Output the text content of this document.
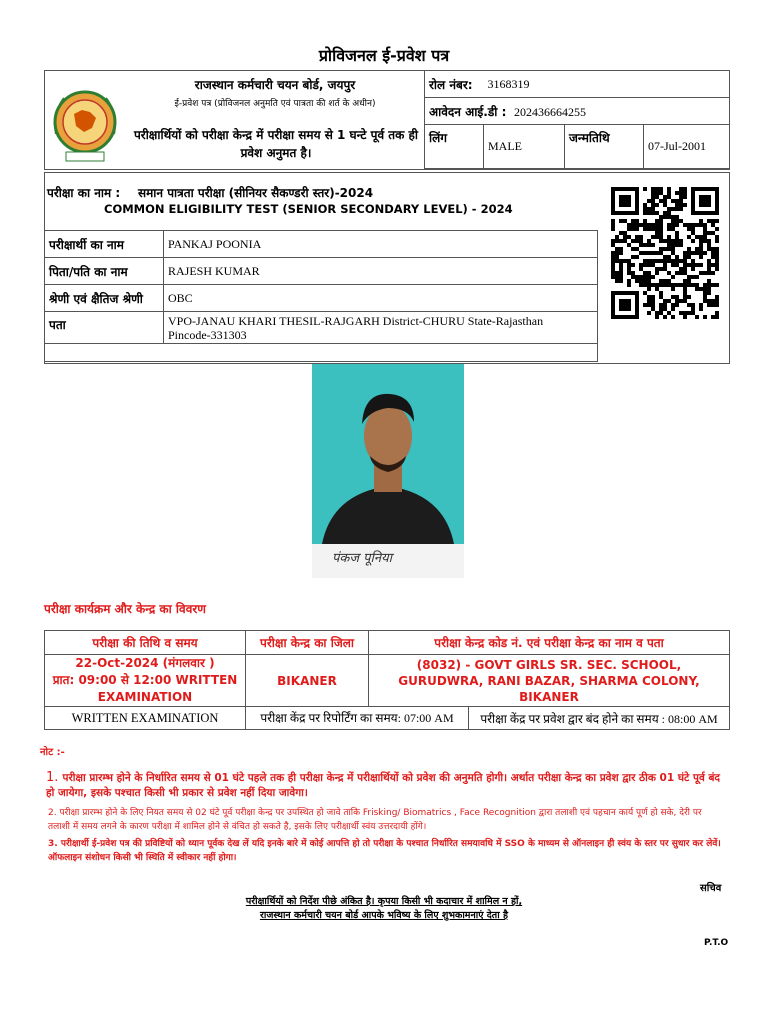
प्रोविजनल ई-प्रवेश पत्र
राजस्थान कर्मचारी चयन बोर्ड, जयपुर
ई-प्रवेश पत्र (प्रोविजनल अनुमति एवं पात्रता की शर्त के अधीन)
परीक्षार्थियों को परीक्षा केन्द्र में परीक्षा समय से 1 घन्टे पूर्व तक ही प्रवेश अनुमत है।
रोल नंबर:	3168319		
आवेदन आई.डी : 202436664255			
लिंग	MALE	जन्मतिथि	07-Jul-2001
परीक्षा का नाम : समान पात्रता परीक्षा (सीनियर सैकण्डरी स्तर)-2024
COMMON ELIGIBILITY TEST (SENIOR SECONDARY LEVEL) - 2024
परीक्षार्थी का नाम	PANKAJ POONIA
पिता/पति का नाम	RAJESH KUMAR
श्रेणी एवं क्षैतिज श्रेणी	OBC
पता	VPO-JANAU KHARI THESIL-RAJGARH District-CHURU State-Rajasthan
Pincode-331303

पंकज पूनिया
परीक्षा कार्यक्रम और केन्द्र का विवरण
परीक्षा की तिथि व समय	परीक्षा केन्द्र का जिला	परीक्षा केन्द्र कोड नं. एवं परीक्षा केन्द्र का नाम व पता

22-Oct-2024 (मंगलवार )
प्रात: 09:00 से 12:00 WRITTEN EXAMINATION	BIKANER	(8032) - GOVT GIRLS SR. SEC. SCHOOL, GURUDWRA, RANI BAZAR, SHARMA COLONY, BIKANER
WRITTEN EXAMINATION	परीक्षा केंद्र पर रिपोर्टिंग का समय: 07:00 AM परीक्षा केंद्र पर प्रवेश द्वार बंद होने का समय : 08:00 AM	
नोट :-
1. परीक्षा प्रारम्भ होने के निर्धारित समय से 01 घंटे पहले तक ही परीक्षा केन्द्र में परीक्षार्थियों को प्रवेश की अनुमति होगी। अर्थात परीक्षा केन्द्र का प्रवेश द्वार ठीक 01 घंटे पूर्व बंद हो जायेगा, इसके पश्चात किसी भी प्रकार से प्रवेश नहीं दिया जावेगा।
2. परीक्षा प्रारम्भ होने के लिए नियत समय से 02 घंटे पूर्व परीक्षा केन्द्र पर उपस्थित हो जावे ताकि Frisking/ Biomatrics , Face Recognition द्वारा तलाशी एवं पहचान कार्य पूर्ण हो सके, देरी पर तलाशी में समय लगने के कारण परीक्षा में शामिल होने से वंचित हो सकते है, इसके लिए परीक्षार्थी स्वंय उत्तरदायी होंगे।
3. परीक्षार्थी ई-प्रवेश पत्र की प्रविष्टियों को ध्यान पूर्वक देख लें यदि इनके बारे में कोई आपत्ति हो तो परीक्षा के पश्चात निर्धारित समयावधि में SSO के माध्यम से ऑनलाइन ही स्वंय के स्तर पर सुधार कर लेवें। ऑफलाइन संशोधन किसी भी स्थिति में स्वीकार नहीं होगा।
सचिव
परीक्षार्थियों को निर्देश पीछे अंकित है। कृपया किसी भी कदाचार में शामिल न हों,
राजस्थान कर्मचारी चयन बोर्ड आपके भविष्य के लिए शुभकामनाएं देता है
P.T.O
